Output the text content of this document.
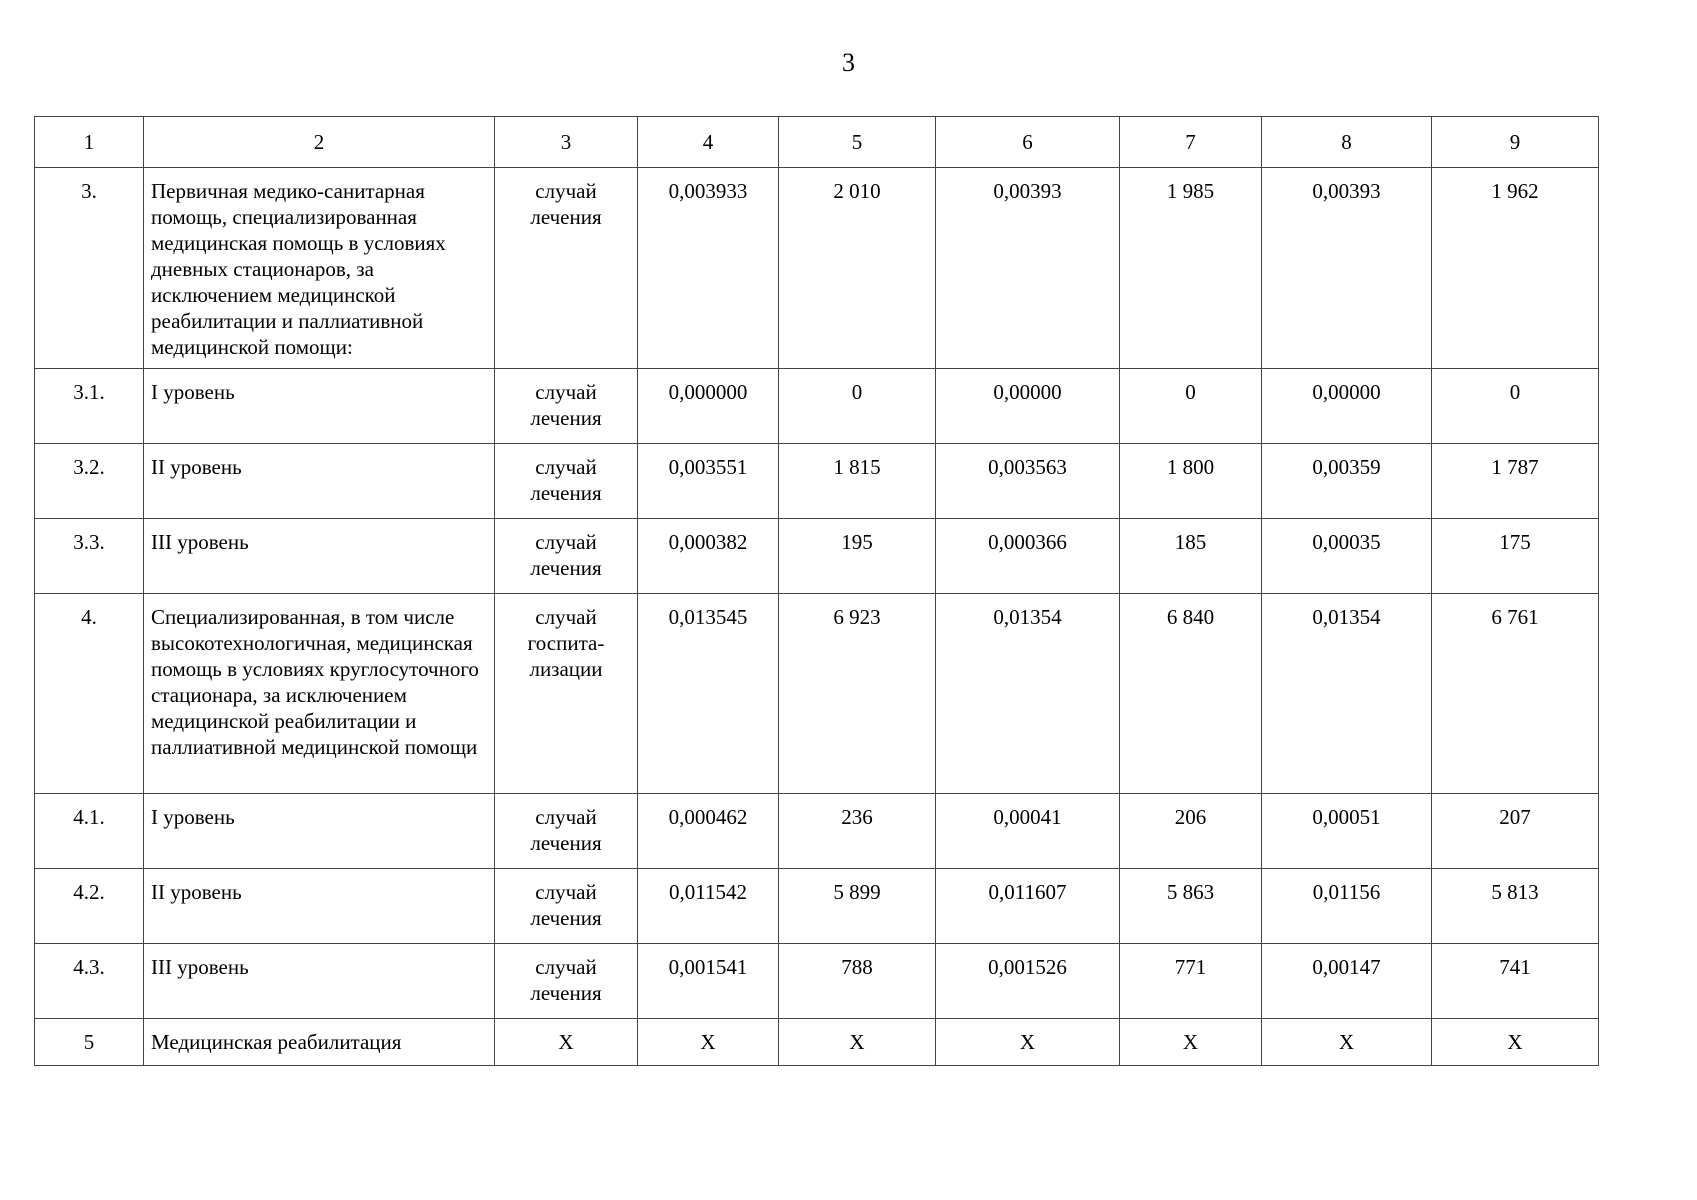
3
1	2	3	4	5	6	7	8	9
3.	Первичная медико-санитарная помощь, специализированная медицинская помощь в условиях дневных стационаров, за исключением медицинской реабилитации и паллиативной медицинской помощи:	случай лечения	0,003933	2 010	0,00393	1 985	0,00393	1 962
3.1.	I уровень	случай лечения	0,000000	0	0,00000	0	0,00000	0
3.2.	II уровень	случай лечения	0,003551	1 815	0,003563	1 800	0,00359	1 787
3.3.	III уровень	случай лечения	0,000382	195	0,000366	185	0,00035	175
4.	Специализированная, в том числе высокотехнологичная, медицинская помощь в условиях круглосуточного стационара, за исключением медицинской реабилитации и паллиативной медицинской помощи	случай госпита- лизации	0,013545	6 923	0,01354	6 840	0,01354	6 761
4.1.	I уровень	случай лечения	0,000462	236	0,00041	206	0,00051	207
4.2.	II уровень	случай лечения	0,011542	5 899	0,011607	5 863	0,01156	5 813
4.3.	III уровень	случай лечения	0,001541	788	0,001526	771	0,00147	741
5	Медицинская реабилитация	Х	Х	Х	Х	Х	Х	Х
